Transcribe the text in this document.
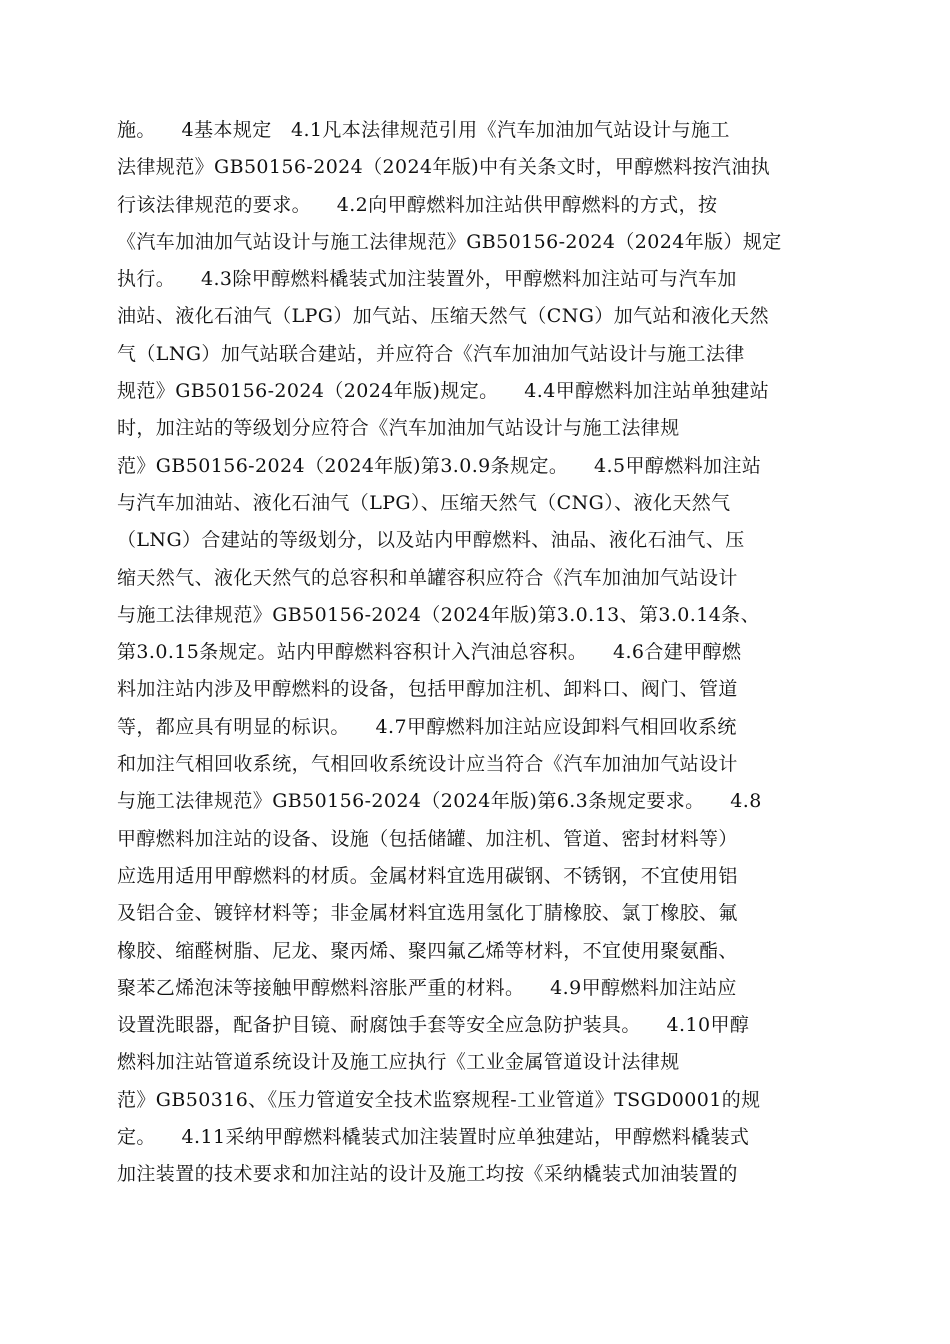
施。    4基本规定   4.1凡本法律规范引用《汽车加油加气站设计与施工
法律规范》GB50156-2024（2024年版)中有关条文时，甲醇燃料按汽油执
行该法律规范的要求。    4.2向甲醇燃料加注站供甲醇燃料的方式，按
《汽车加油加气站设计与施工法律规范》GB50156-2024（2024年版）规定
执行。    4.3除甲醇燃料橇装式加注装置外，甲醇燃料加注站可与汽车加
油站、液化石油气（LPG）加气站、压缩天然气（CNG）加气站和液化天然
气（LNG）加气站联合建站，并应符合《汽车加油加气站设计与施工法律
规范》GB50156-2024（2024年版)规定。    4.4甲醇燃料加注站单独建站
时，加注站的等级划分应符合《汽车加油加气站设计与施工法律规
范》GB50156-2024（2024年版)第3.0.9条规定。    4.5甲醇燃料加注站
与汽车加油站、液化石油气（LPG）、压缩天然气（CNG）、液化天然气
（LNG）合建站的等级划分，以及站内甲醇燃料、油品、液化石油气、压
缩天然气、液化天然气的总容积和单罐容积应符合《汽车加油加气站设计
与施工法律规范》GB50156-2024（2024年版)第3.0.13、第3.0.14条、
第3.0.15条规定。站内甲醇燃料容积计入汽油总容积。    4.6合建甲醇燃
料加注站内涉及甲醇燃料的设备，包括甲醇加注机、卸料口、阀门、管道
等，都应具有明显的标识。    4.7甲醇燃料加注站应设卸料气相回收系统
和加注气相回收系统，气相回收系统设计应当符合《汽车加油加气站设计
与施工法律规范》GB50156-2024（2024年版)第6.3条规定要求。    4.8
甲醇燃料加注站的设备、设施（包括储罐、加注机、管道、密封材料等）
应选用适用甲醇燃料的材质。金属材料宜选用碳钢、不锈钢，不宜使用铝
及铝合金、镀锌材料等；非金属材料宜选用氢化丁腈橡胶、氯丁橡胶、氟
橡胶、缩醛树脂、尼龙、聚丙烯、聚四氟乙烯等材料，不宜使用聚氨酯、
聚苯乙烯泡沫等接触甲醇燃料溶胀严重的材料。    4.9甲醇燃料加注站应
设置洗眼器，配备护目镜、耐腐蚀手套等安全应急防护装具。    4.10甲醇
燃料加注站管道系统设计及施工应执行《工业金属管道设计法律规
范》GB50316、《压力管道安全技术监察规程-工业管道》TSGD0001的规
定。    4.11采纳甲醇燃料橇装式加注装置时应单独建站，甲醇燃料橇装式
加注装置的技术要求和加注站的设计及施工均按《采纳橇装式加油装置的
